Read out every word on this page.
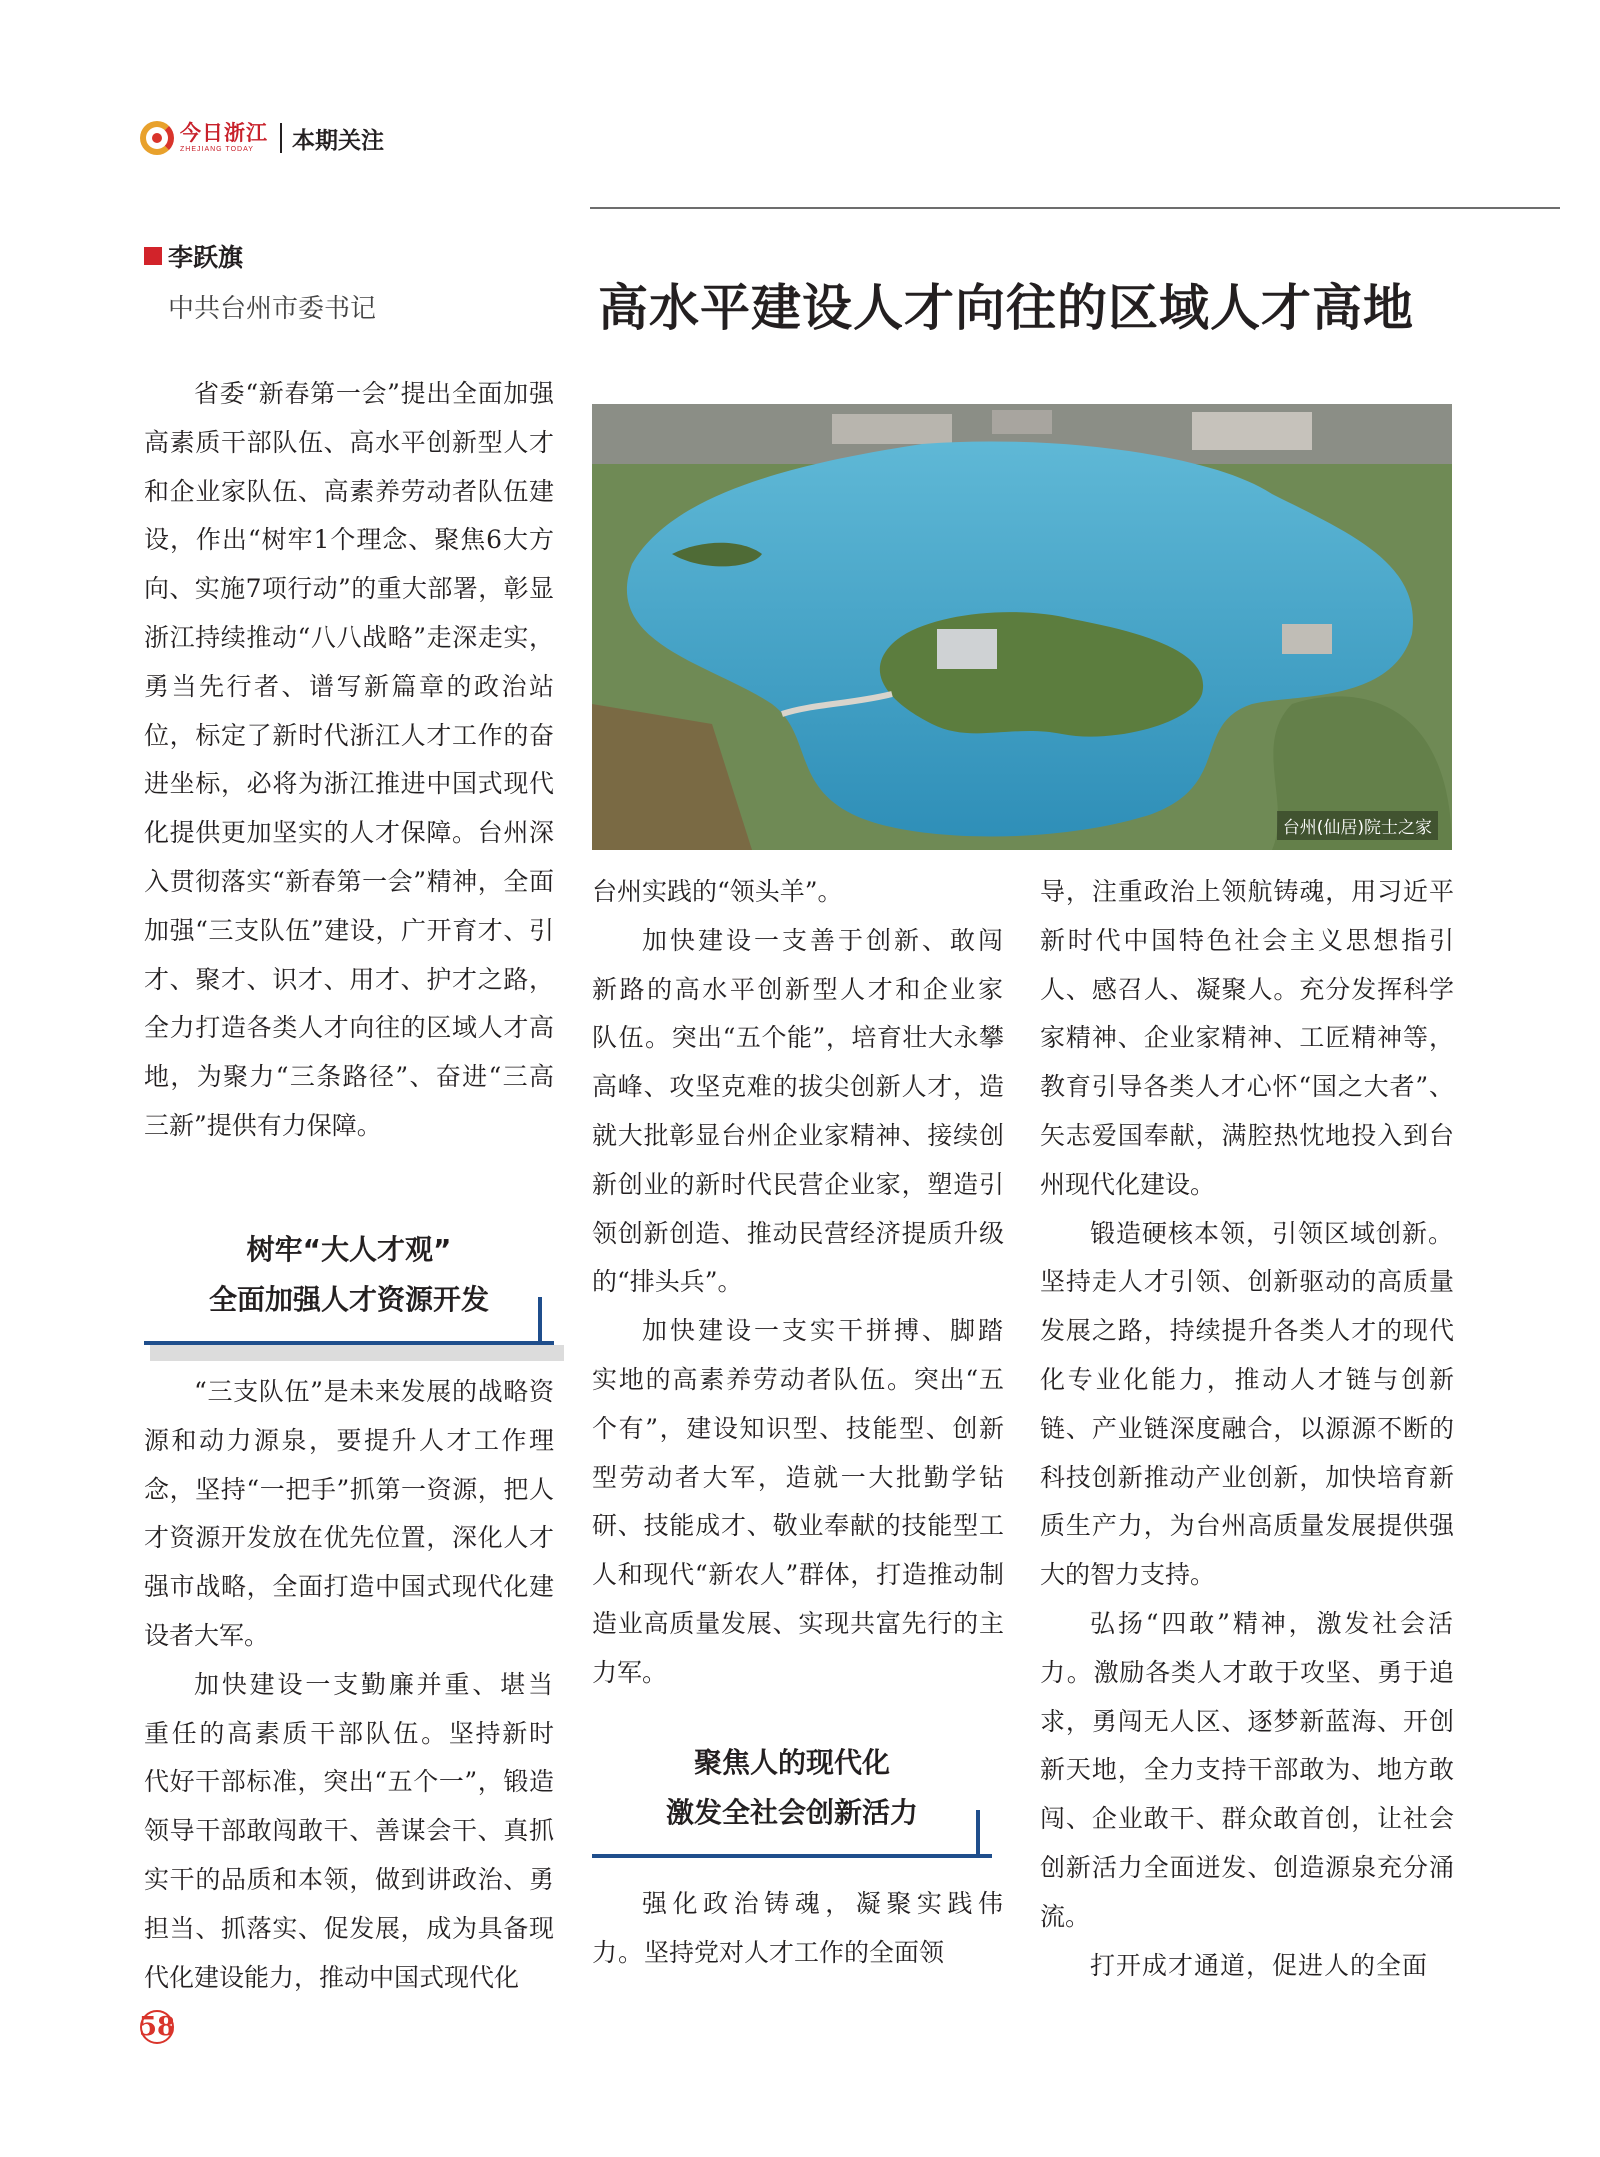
今日浙江
ZHEJIANG TODAY	本期关注
李跃旗
中共台州市委书记	高水平建设人才向往的区域人才高地
台州(仙居)院士之家

省委“新春第一会”提出全面加强高素质干部队伍、高水平创新型人才和企业家队伍、高素养劳动者队伍建设，作出“树牢1个理念、聚焦6大方向、实施7项行动”的重大部署，彰显浙江持续推动“八八战略”走深走实，勇当先行者、谱写新篇章的政治站位，标定了新时代浙江人才工作的奋进坐标，必将为浙江推进中国式现代化提供更加坚实的人才保障。台州深入贯彻落实“新春第一会”精神，全面加强“三支队伍”建设，广开育才、引才、聚才、识才、用才、护才之路，全力打造各类人才向往的区域人才高地，为聚力“三条路径”、奋进“三高三新”提供有力保障。

树牢“大人才观”
全面加强人才资源开发

“三支队伍”是未来发展的战略资源和动力源泉，要提升人才工作理念，坚持“一把手”抓第一资源，把人才资源开发放在优先位置，深化人才强市战略，全面打造中国式现代化建设者大军。

加快建设一支勤廉并重、堪当重任的高素质干部队伍。坚持新时代好干部标准，突出“五个一”，锻造领导干部敢闯敢干、善谋会干、真抓实干的品质和本领，做到讲政治、勇担当、抓落实、促发展，成为具备现代化建设能力，推动中国式现代化

台州实践的“领头羊”。

加快建设一支善于创新、敢闯新路的高水平创新型人才和企业家队伍。突出“五个能”，培育壮大永攀高峰、攻坚克难的拔尖创新人才，造就大批彰显台州企业家精神、接续创新创业的新时代民营企业家，塑造引领创新创造、推动民营经济提质升级的“排头兵”。

加快建设一支实干拼搏、脚踏实地的高素养劳动者队伍。突出“五个有”，建设知识型、技能型、创新型劳动者大军，造就一大批勤学钻研、技能成才、敬业奉献的技能型工人和现代“新农人”群体，打造推动制造业高质量发展、实现共富先行的主力军。

聚焦人的现代化
激发全社会创新活力

强化政治铸魂，凝聚实践伟力。坚持党对人才工作的全面领

导，注重政治上领航铸魂，用习近平新时代中国特色社会主义思想指引人、感召人、凝聚人。充分发挥科学家精神、企业家精神、工匠精神等，教育引导各类人才心怀“国之大者”、矢志爱国奉献，满腔热忱地投入到台州现代化建设。

锻造硬核本领，引领区域创新。坚持走人才引领、创新驱动的高质量发展之路，持续提升各类人才的现代化专业化能力，推动人才链与创新链、产业链深度融合，以源源不断的科技创新推动产业创新，加快培育新质生产力，为台州高质量发展提供强大的智力支持。

弘扬“四敢”精神，激发社会活力。激励各类人才敢于攻坚、勇于追求，勇闯无人区、逐梦新蓝海、开创新天地，全力支持干部敢为、地方敢闯、企业敢干、群众敢首创，让社会创新活力全面迸发、创造源泉充分涌流。

打开成才通道，促进人的全面

58
